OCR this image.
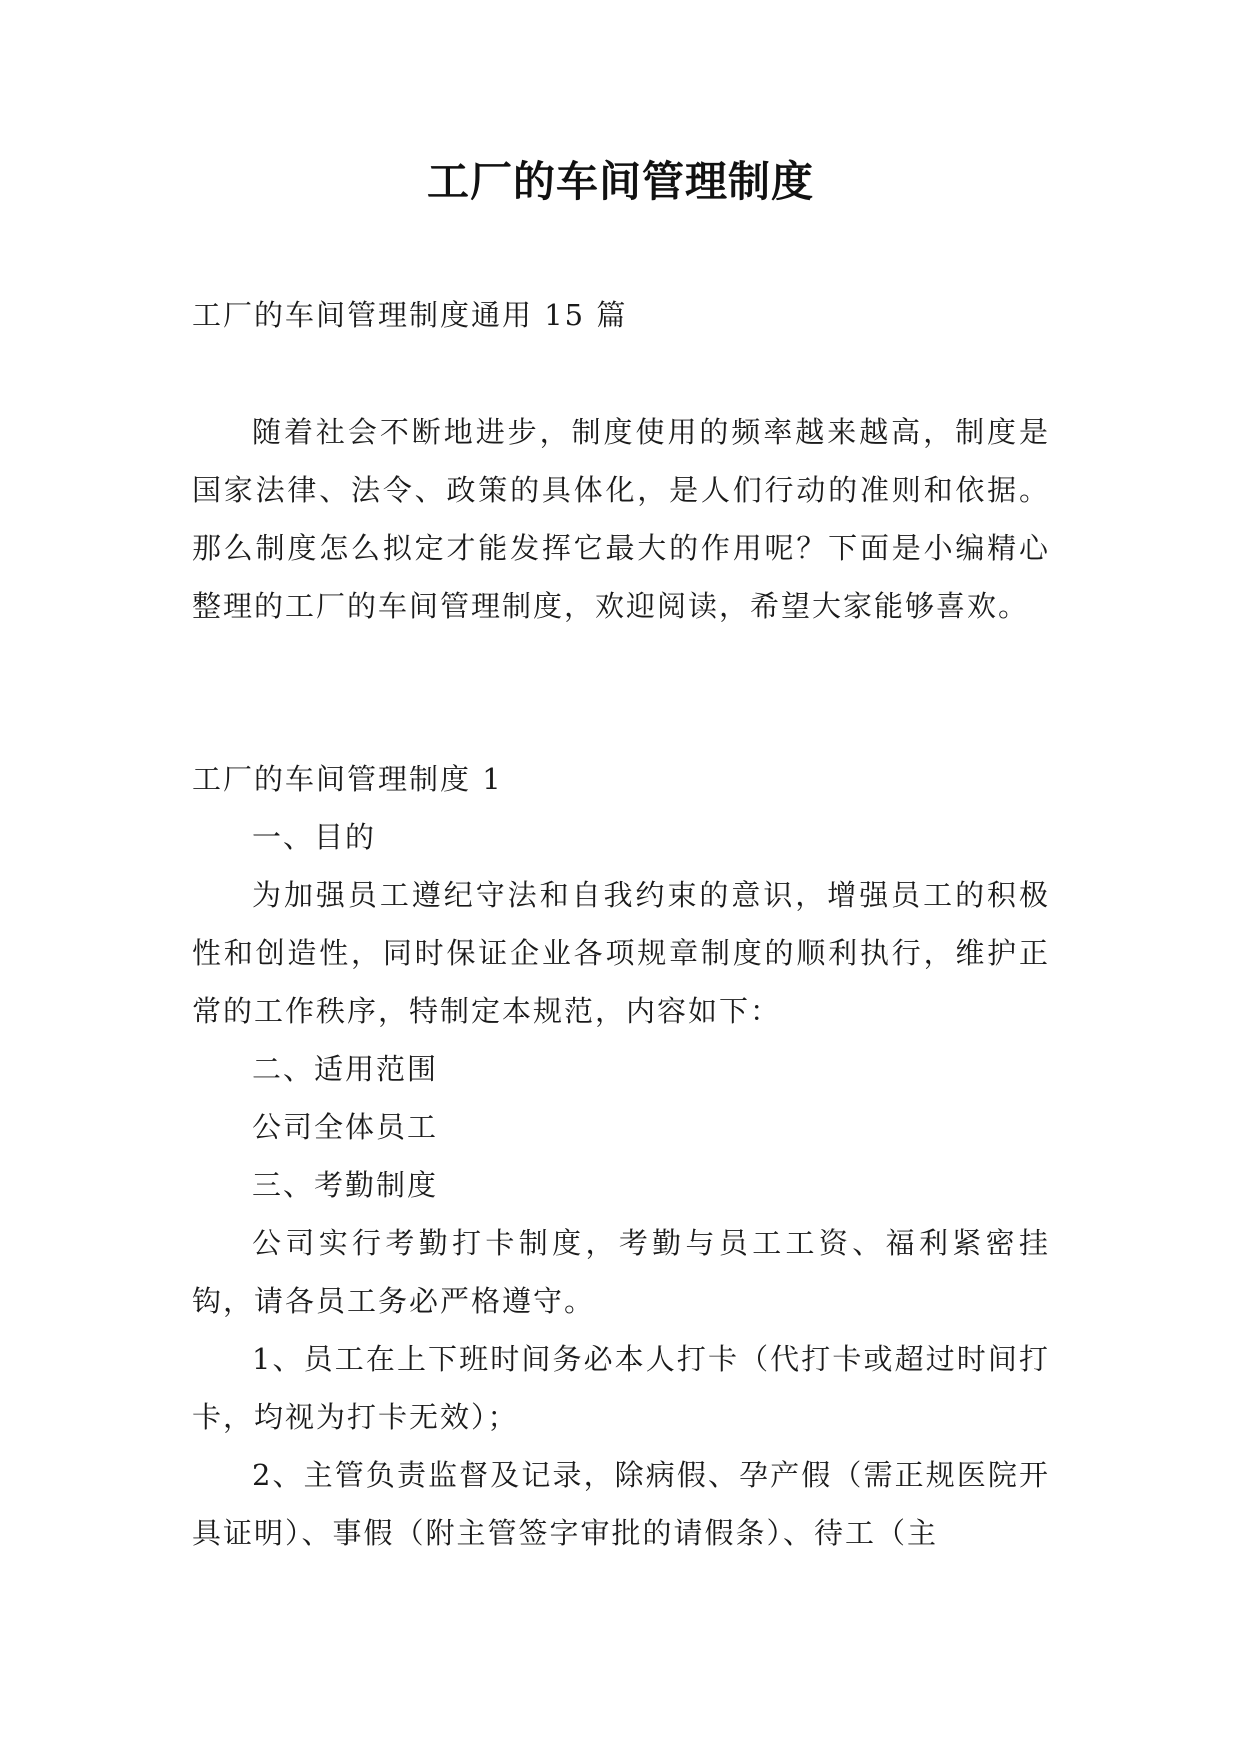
工厂的车间管理制度

工厂的车间管理制度通用 15 篇

随着社会不断地进步，制度使用的频率越来越高，制度是国家法律、法令、政策的具体化，是人们行动的准则和依据。那么制度怎么拟定才能发挥它最大的作用呢？下面是小编精心整理的工厂的车间管理制度，欢迎阅读，希望大家能够喜欢。

工厂的车间管理制度 1

一、目的

为加强员工遵纪守法和自我约束的意识，增强员工的积极性和创造性，同时保证企业各项规章制度的顺利执行，维护正常的工作秩序，特制定本规范，内容如下：

二、适用范围

公司全体员工

三、考勤制度

公司实行考勤打卡制度，考勤与员工工资、福利紧密挂钩，请各员工务必严格遵守。

1、员工在上下班时间务必本人打卡（代打卡或超过时间打卡，均视为打卡无效）；

2、主管负责监督及记录，除病假、孕产假（需正规医院开具证明）、事假（附主管签字审批的请假条）、待工（主
